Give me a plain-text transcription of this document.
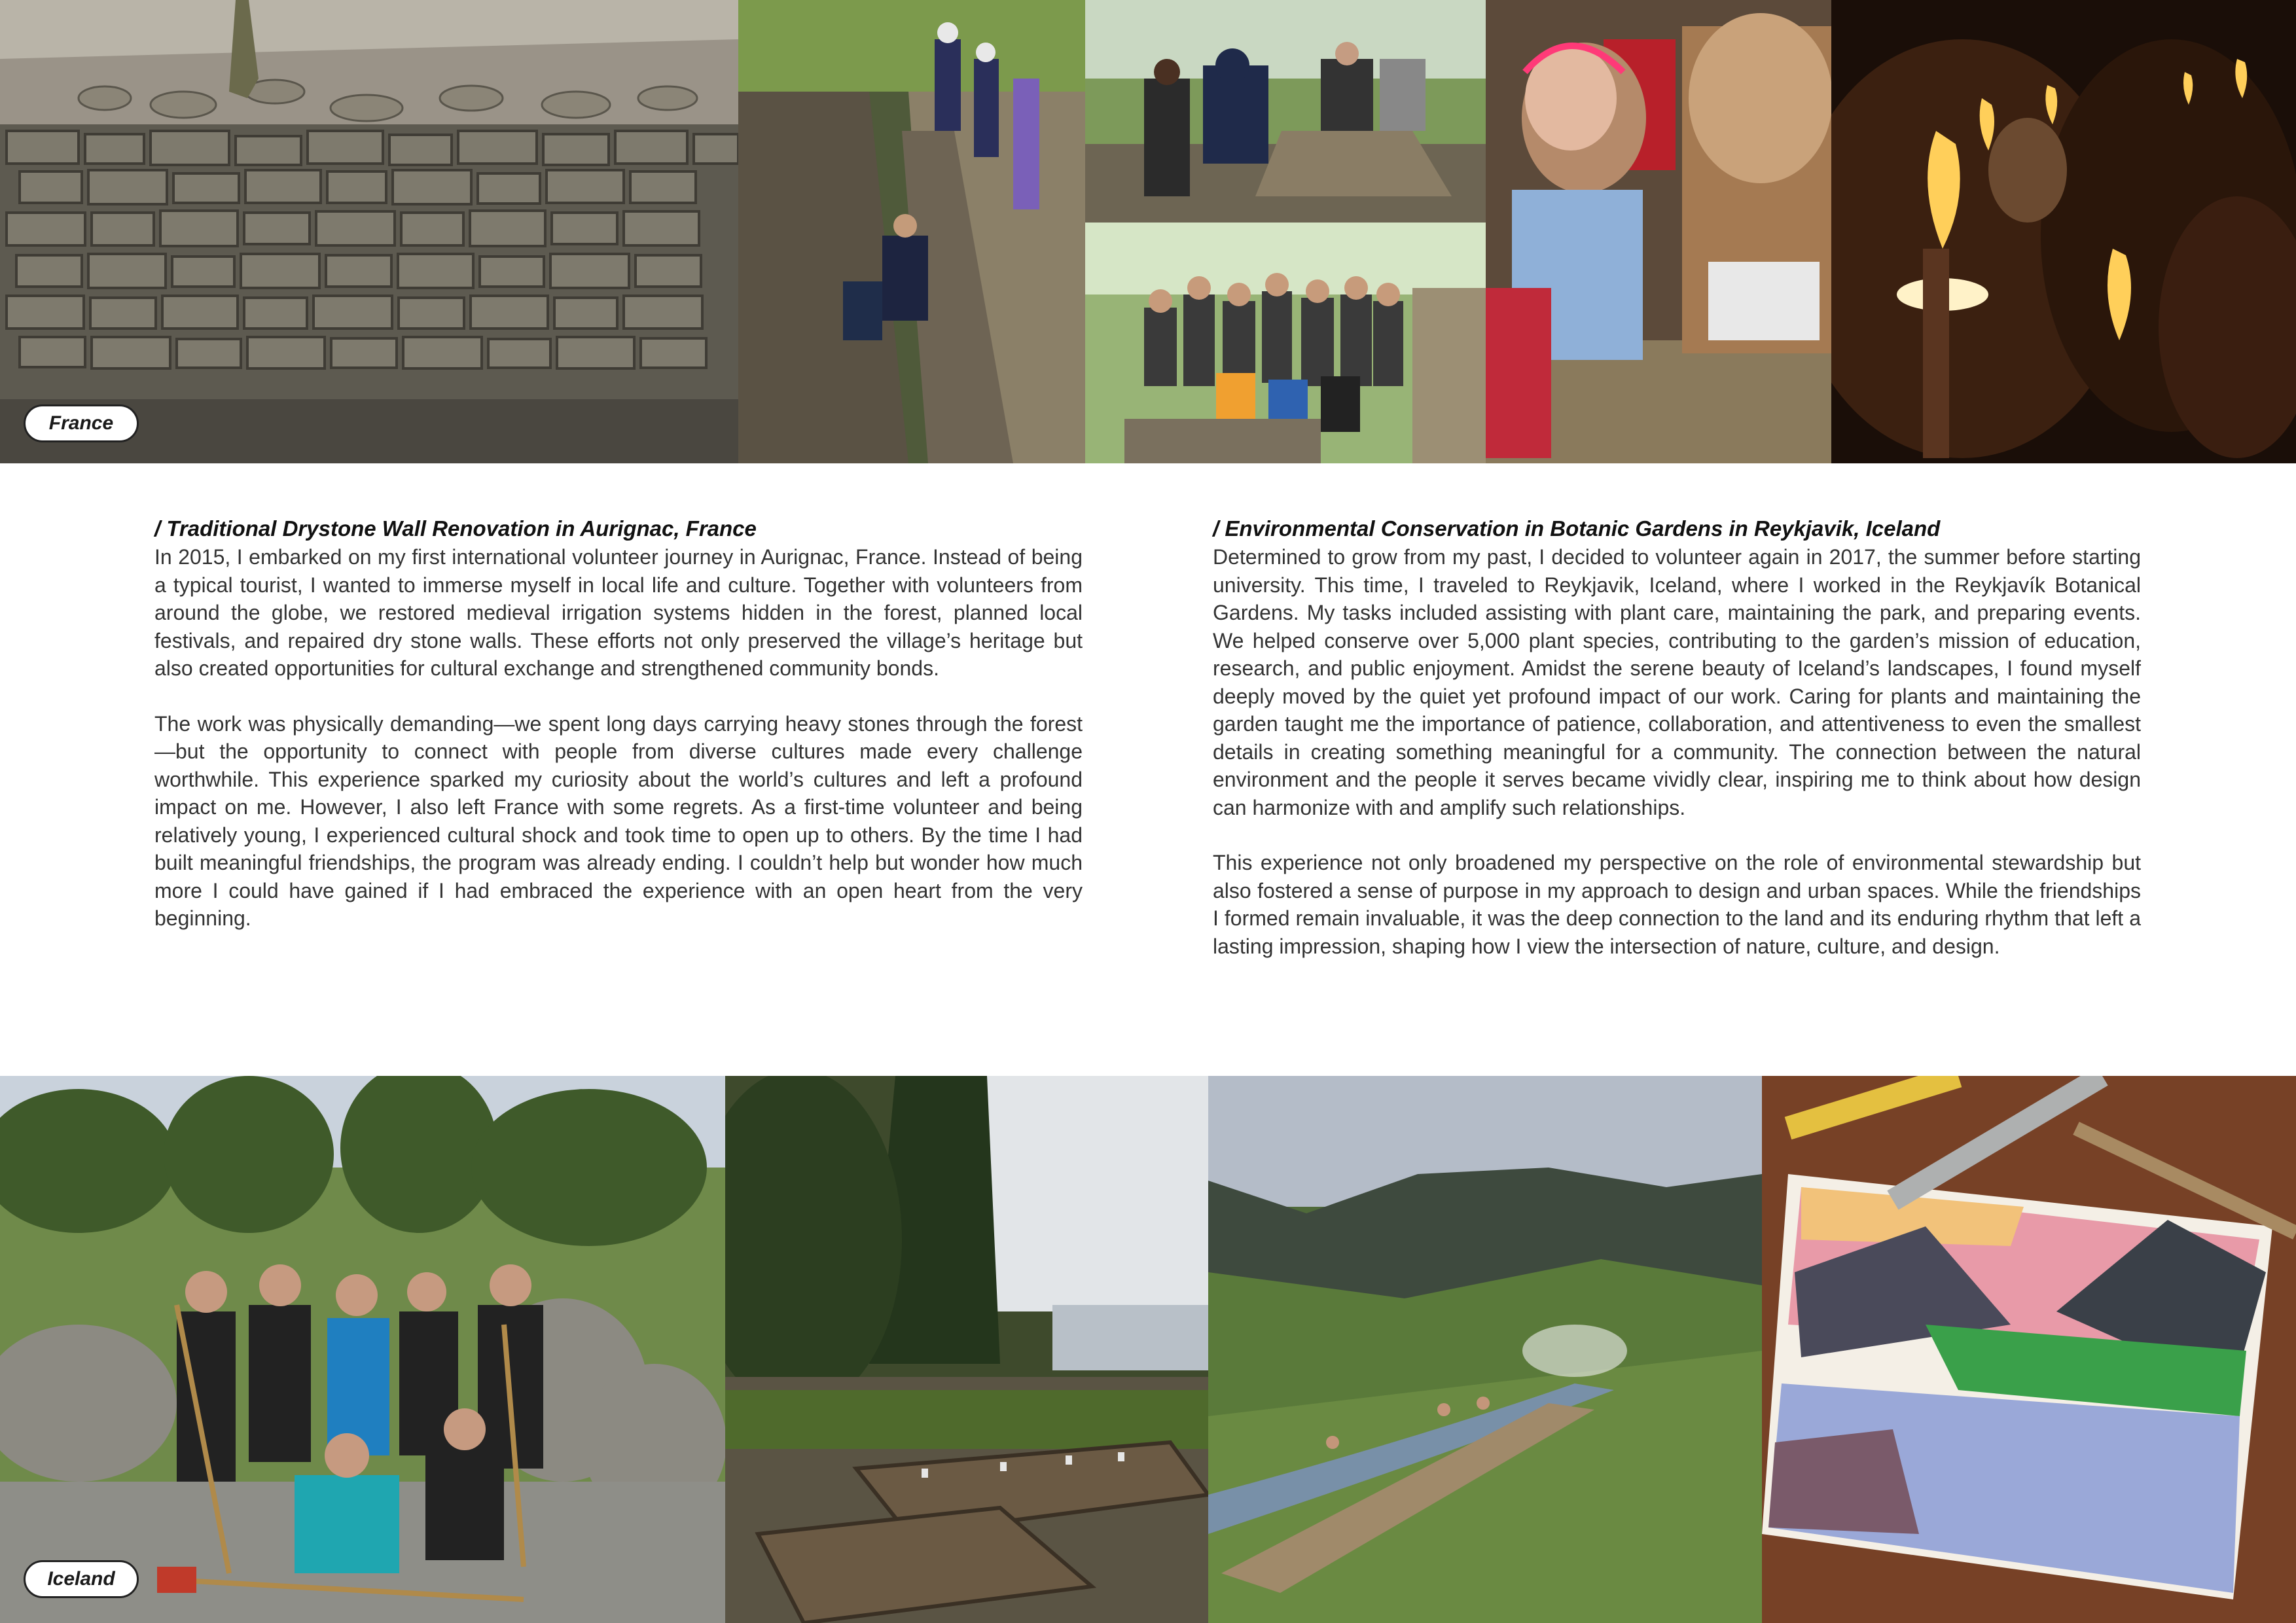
France
/ Traditional Drystone Wall Renovation in Aurignac, France

In 2015, I embarked on my first international volunteer journey in Aurignac, France. Instead of being a typical tourist, I wanted to immerse myself in local life and culture. Together with volunteers from around the globe, we restored medieval irrigation systems hidden in the forest, planned local festivals, and repaired dry stone walls. These efforts not only preserved the village’s heritage but also created opportunities for cultural exchange and strengthened community bonds.

The work was physically demanding—we spent long days carrying heavy stones through the forest—but the opportunity to connect with people from diverse cultures made every challenge worthwhile. This experience sparked my curiosity about the world’s cultures and left a profound impact on me. However, I also left France with some regrets. As a first-time volunteer and being relatively young, I experienced cultural shock and took time to open up to others. By the time I had built meaningful friendships, the program was already ending. I couldn’t help but wonder how much more I could have gained if I had embraced the experience with an open heart from the very beginning.

/ Environmental Conservation in Botanic Gardens in Reykjavik, Iceland

Determined to grow from my past, I decided to volunteer again in 2017, the summer before starting university. This time, I traveled to Reykjavik, Iceland, where I worked in the Reykjavík Botanical Gardens. My tasks included assisting with plant care, maintaining the park, and preparing events. We helped conserve over 5,000 plant species, contributing to the garden’s mission of education, research, and public enjoyment. Amidst the serene beauty of Iceland’s landscapes, I found myself deeply moved by the quiet yet profound impact of our work. Caring for plants and maintaining the garden taught me the importance of patience, collaboration, and attentiveness to even the smallest details in creating something meaningful for a community. The connection between the natural environment and the people it serves became vividly clear, inspiring me to think about how design can harmonize with and amplify such relationships.

This experience not only broadened my perspective on the role of environmental stewardship but also fostered a sense of purpose in my approach to design and urban spaces. While the friendships I formed remain invaluable, it was the deep connection to the land and its enduring rhythm that left a lasting impression, shaping how I view the intersection of nature, culture, and design.

Iceland
